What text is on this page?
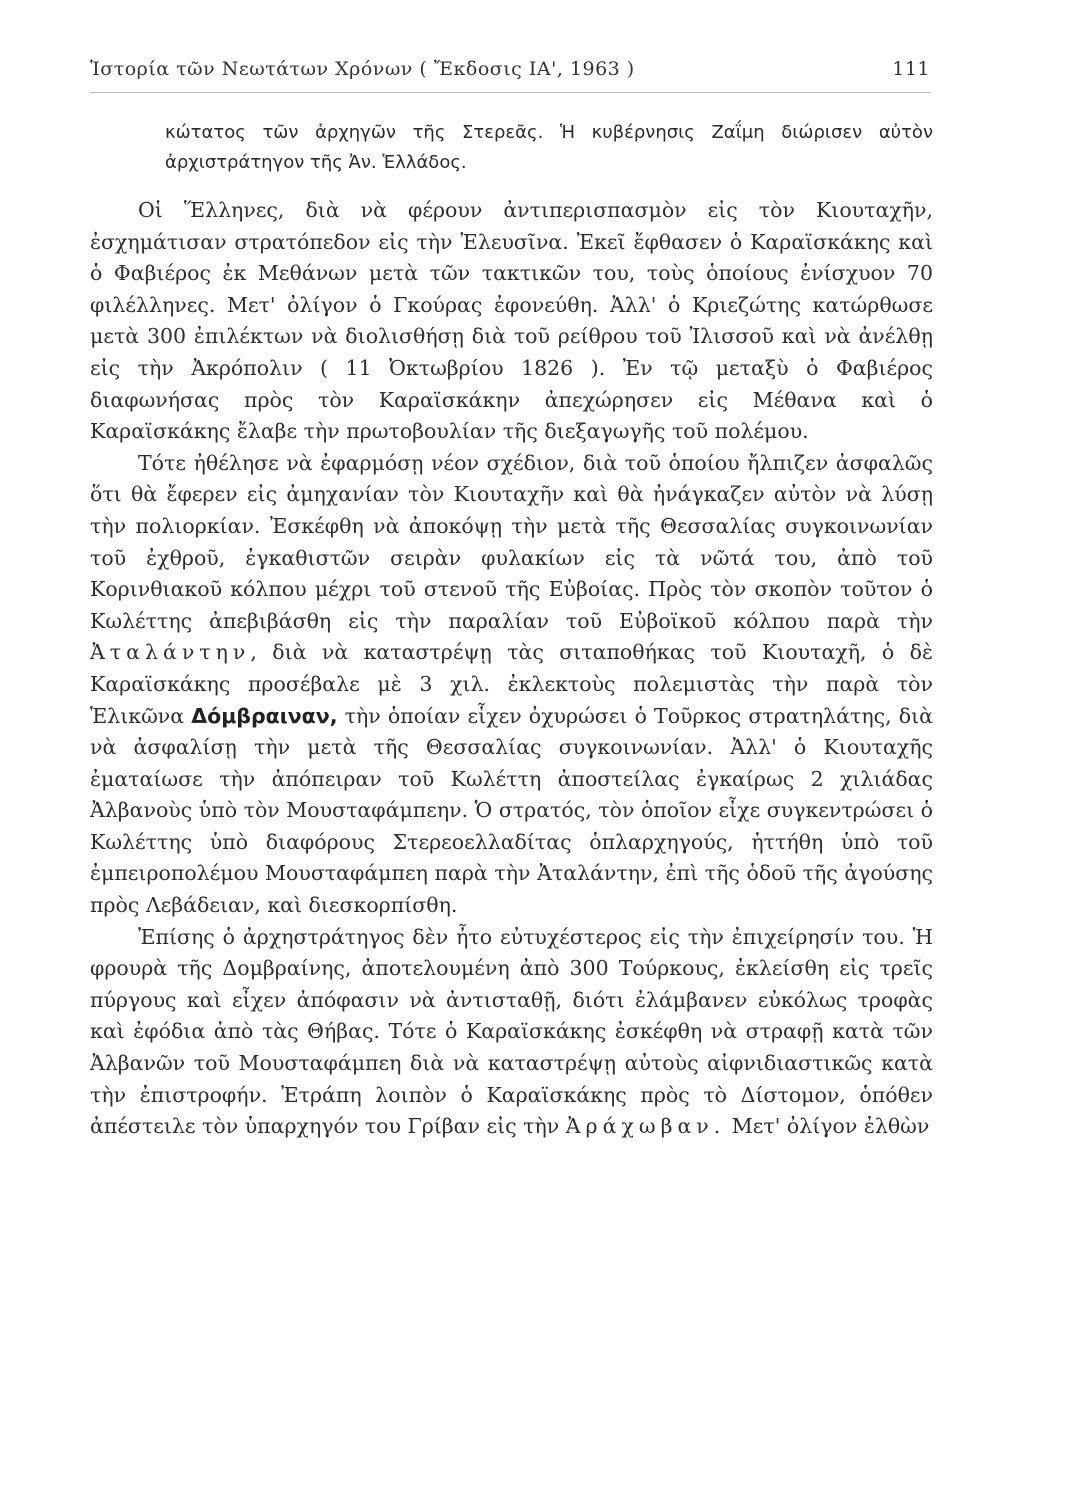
Ἱστορία τῶν Νεωτάτων Χρόνων ( Ἔκδοσις ΙΑ', 1963 )	111
κώτατος τῶν ἀρχηγῶν τῆς Στερεᾶς. Ἡ κυβέρνησις Ζαΐμη διώρισεν αὐτὸν ἀρχιστράτηγον τῆς Ἀν. Ἑλλάδος.

Οἱ Ἕλληνες, διὰ νὰ φέρουν ἀντιπερισπασμὸν εἰς τὸν Κιουταχῆν, ἐσχημάτισαν στρατόπεδον εἰς τὴν Ἐλευσῖνα. Ἐκεῖ ἔφθασεν ὁ Καραϊσκάκης καὶ ὁ Φαβιέρος ἐκ Μεθάνων μετὰ τῶν τακτικῶν του, τοὺς ὁποίους ἐνίσχυον 70 φιλέλληνες. Μετ' ὀλίγον ὁ Γκούρας ἐφονεύθη. Ἀλλ' ὁ Κριεζώτης κατώρθωσε μετὰ 300 ἐπιλέκτων νὰ διολισθήσῃ διὰ τοῦ ρείθρου τοῦ Ἰλισσοῦ καὶ νὰ ἀνέλθῃ εἰς τὴν Ἀκρόπολιν ( 11 Ὀκτωβρίου 1826 ). Ἐν τῷ μεταξὺ ὁ Φαβιέρος διαφωνήσας πρὸς τὸν Καραϊσκάκην ἀπεχώρησεν εἰς Μέθανα καὶ ὁ Καραϊσκάκης ἔλαβε τὴν πρωτοβουλίαν τῆς διεξαγωγῆς τοῦ πολέμου.

Τότε ἠθέλησε νὰ ἐφαρμόσῃ νέον σχέδιον, διὰ τοῦ ὁποίου ἤλπιζεν ἀσφαλῶς ὅτι θὰ ἔφερεν εἰς ἀμηχανίαν τὸν Κιουταχῆν καὶ θὰ ἠνάγκαζεν αὐτὸν νὰ λύσῃ τὴν πολιορκίαν. Ἐσκέφθη νὰ ἀποκόψῃ τὴν μετὰ τῆς Θεσσαλίας συγκοινωνίαν τοῦ ἐχθροῦ, ἐγκαθιστῶν σειρὰν φυλακίων εἰς τὰ νῶτά του, ἀπὸ τοῦ Κορινθιακοῦ κόλπου μέχρι τοῦ στενοῦ τῆς Εὐβοίας. Πρὸς τὸν σκοπὸν τοῦτον ὁ Κωλέττης ἀπεβιβάσθη εἰς τὴν παραλίαν τοῦ Εὐβοϊκοῦ κόλπου παρὰ τὴν Ἀταλάντην, διὰ νὰ καταστρέψῃ τὰς σιταποθήκας τοῦ Κιουταχῆ, ὁ δὲ Καραϊσκάκης προσέβαλε μὲ 3 χιλ. ἐκλεκτοὺς πολεμιστὰς τὴν παρὰ τὸν Ἑλικῶνα Δόμβραιναν, τὴν ὁποίαν εἶχεν ὀχυρώσει ὁ Τοῦρκος στρατηλάτης, διὰ νὰ ἀσφαλίσῃ τὴν μετὰ τῆς Θεσσαλίας συγκοινωνίαν. Ἀλλ' ὁ Κιουταχῆς ἐματαίωσε τὴν ἀπόπειραν τοῦ Κωλέττη ἀποστείλας ἐγκαίρως 2 χιλιάδας Ἀλβανοὺς ὑπὸ τὸν Μουσταφάμπεην. Ὁ στρατός, τὸν ὁποῖον εἶχε συγκεντρώσει ὁ Κωλέττης ὑπὸ διαφόρους Στερεοελλαδίτας ὁπλαρχηγούς, ἡττήθη ὑπὸ τοῦ ἐμπειροπολέμου Μουσταφάμπεη παρὰ τὴν Ἀταλάντην, ἐπὶ τῆς ὁδοῦ τῆς ἀγούσης πρὸς Λεβάδειαν, καὶ διεσκορπίσθη.

Ἐπίσης ὁ ἀρχηστράτηγος δὲν ἦτο εὐτυχέστερος εἰς τὴν ἐπιχείρησίν του. Ἡ φρουρὰ τῆς Δομβραίνης, ἀποτελουμένη ἀπὸ 300 Τούρκους, ἐκλείσθη εἰς τρεῖς πύργους καὶ εἶχεν ἀπόφασιν νὰ ἀντισταθῇ, διότι ἐλάμβανεν εὐκόλως τροφὰς καὶ ἐφόδια ἀπὸ τὰς Θήβας. Τότε ὁ Καραϊσκάκης ἐσκέφθη νὰ στραφῇ κατὰ τῶν Ἀλβανῶν τοῦ Μουσταφάμπεη διὰ νὰ καταστρέψῃ αὐτοὺς αἰφνιδιαστικῶς κατὰ τὴν ἐπιστροφήν. Ἐτράπη λοιπὸν ὁ Καραϊσκάκης πρὸς τὸ Δίστομον, ὁπόθεν ἀπέστειλε τὸν ὑπαρχηγόν του Γρίβαν εἰς τὴν Ἀράχωβαν. Μετ' ὀλίγον ἐλθὼν
